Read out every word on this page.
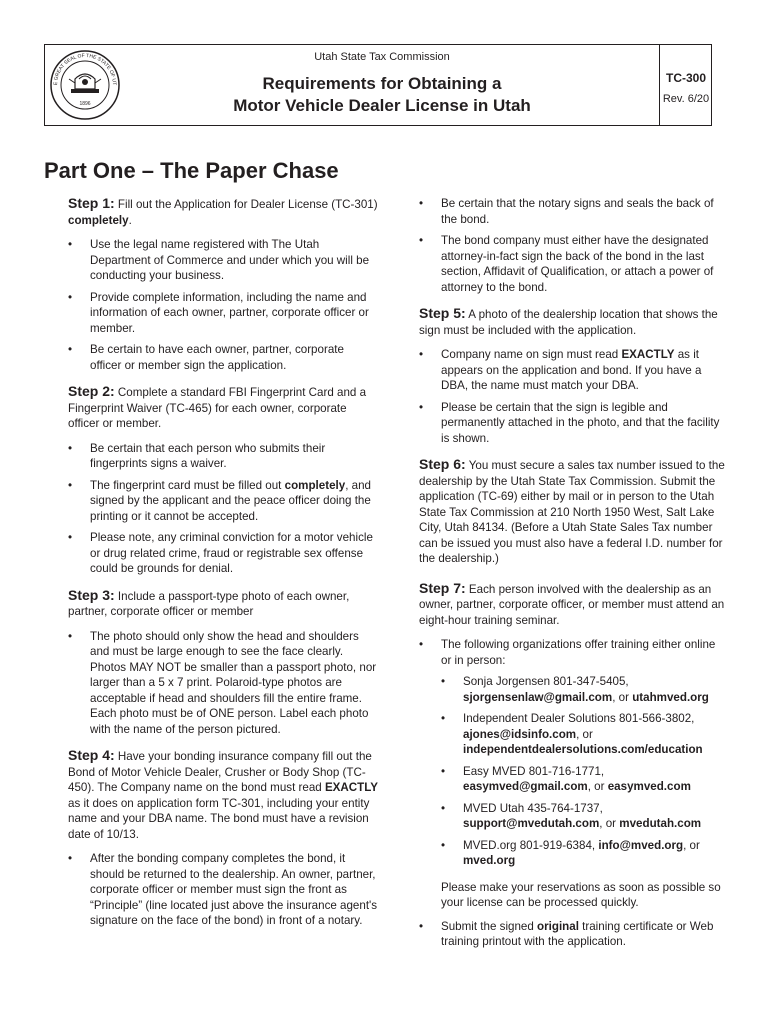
1896
E GREAT SEAL OF THE STATE OF UT
Utah State Tax Commission
Requirements for Obtaining a
Motor Vehicle Dealer License in Utah
TC-300
Rev. 6/20
Part One – The Paper Chase

Step 1: Fill out the Application for Dealer License (TC-301) completely.

• Use the legal name registered with The Utah Department of Commerce and under which you will be conducting your business.
• Provide complete information, including the name and information of each owner, partner, corporate officer or member.
• Be certain to have each owner, partner, corporate officer or member sign the application.

Step 2: Complete a standard FBI Fingerprint Card and a Fingerprint Waiver (TC-465) for each owner, corporate officer or member.

• Be certain that each person who submits their fingerprints signs a waiver.
• The fingerprint card must be filled out completely, and signed by the applicant and the peace officer doing the printing or it cannot be accepted.
• Please note, any criminal conviction for a motor vehicle or drug related crime, fraud or registrable sex offense could be grounds for denial.

Step 3: Include a passport-type photo of each owner, partner, corporate officer or member

• The photo should only show the head and shoulders and must be large enough to see the face clearly. Photos MAY NOT be smaller than a passport photo, nor larger than a 5 x 7 print. Polaroid-type photos are acceptable if head and shoulders fill the entire frame. Each photo must be of ONE person. Label each photo with the name of the person pictured.

Step 4: Have your bonding insurance company fill out the Bond of Motor Vehicle Dealer, Crusher or Body Shop (TC-450). The Company name on the bond must read EXACTLY as it does on application form TC-301, including your entity name and your DBA name. The bond must have a revision date of 10/13.

• After the bonding company completes the bond, it should be returned to the dealership. An owner, partner, corporate officer or member must sign the front as “Principle” (line located just above the insurance agent's signature on the face of the bond) in front of a notary.
• Be certain that the notary signs and seals the back of the bond.
• The bond company must either have the designated attorney-in-fact sign the back of the bond in the last section, Affidavit of Qualification, or attach a power of attorney to the bond.

Step 5: A photo of the dealership location that shows the sign must be included with the application.

• Company name on sign must read EXACTLY as it appears on the application and bond. If you have a DBA, the name must match your DBA.
• Please be certain that the sign is legible and permanently attached in the photo, and that the facility is shown.

Step 6: You must secure a sales tax number issued to the dealership by the Utah State Tax Commission. Submit the application (TC-69) either by mail or in person to the Utah State Tax Commission at 210 North 1950 West, Salt Lake City, Utah 84134. (Before a Utah State Sales Tax number can be issued you must also have a federal I.D. number for the dealership.)

Step 7: Each person involved with the dealership as an owner, partner, corporate officer, or member must attend an eight-hour training seminar.

• The following organizations offer training either online or in person:
• Sonja Jorgensen 801-347-5405,
sjorgensenlaw@gmail.com, or utahmved.org
• Independent Dealer Solutions 801-566-3802,
ajones@idsinfo.com, or
independentdealersolutions.com/education
• Easy MVED 801-716-1771,
easymved@gmail.com, or easymved.com
• MVED Utah 435-764-1737,
support@mvedutah.com, or mvedutah.com
• MVED.org 801-919-6384, info@mved.org, or
mved.org

Please make your reservations as soon as possible so your license can be processed quickly.

• Submit the signed original training certificate or Web training printout with the application.
